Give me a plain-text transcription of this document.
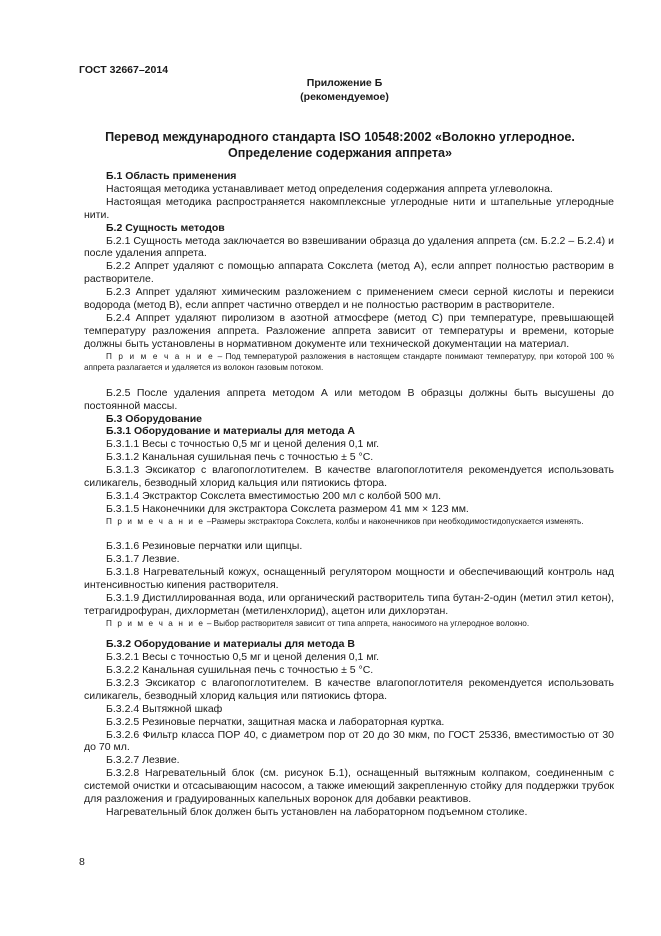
ГОСТ 32667–2014
Приложение Б
(рекомендуемое)
Перевод международного стандарта ISO 10548:2002 «Волокно углеродное. Определение содержания аппрета»

Б.1 Область применения

Настоящая методика устанавливает метод определения содержания аппрета углеволокна.

Настоящая методика распространяется накомплексные углеродные нити и штапельные углеродные нити.

Б.2 Сущность методов

Б.2.1 Сущность метода заключается во взвешивании образца до удаления аппрета (см. Б.2.2 – Б.2.4) и после удаления аппрета.

Б.2.2 Аппрет удаляют с помощью аппарата Сокслета (метод А), если аппрет полностью растворим в растворителе.

Б.2.3 Аппрет удаляют химическим разложением с применением смеси серной кислоты и перекиси водорода (метод В), если аппрет частично отвердел и не полностью растворим в растворителе.

Б.2.4 Аппрет удаляют пиролизом в азотной атмосфере (метод С) при температуре, превышающей температуру разложения аппрета. Разложение аппрета зависит от температуры и времени, которые должны быть установлены в нормативном документе или технической документации на материал.

П р и м е ч а н и е – Под температурой разложения в настоящем стандарте понимают температуру, при которой 100 % аппрета разлагается и удаляется из волокон газовым потоком.

Б.2.5 После удаления аппрета методом А или методом В образцы должны быть высушены до постоянной массы.

Б.3 Оборудование

Б.3.1 Оборудование и материалы для метода А

Б.3.1.1 Весы с точностью 0,5 мг и ценой деления 0,1 мг.

Б.3.1.2 Канальная сушильная печь с точностью ± 5 °С.

Б.3.1.3 Эксикатор с влагопоглотителем. В качестве влагопоглотителя рекомендуется использовать силикагель, безводный хлорид кальция или пятиокись фтора.

Б.3.1.4 Экстрактор Сокслета вместимостью 200 мл с колбой 500 мл.

Б.3.1.5 Наконечники для экстрактора Сокслета размером 41 мм × 123 мм.

П р и м е ч а н и е –Размеры экстрактора Сокслета, колбы и наконечников при необходимостидопускается изменять.

Б.3.1.6 Резиновые перчатки или щипцы.

Б.3.1.7 Лезвие.

Б.3.1.8 Нагревательный кожух, оснащенный регулятором мощности и обеспечивающий контроль над интенсивностью кипения растворителя.

Б.3.1.9 Дистиллированная вода, или органический растворитель типа бутан-2-один (метил этил кетон), тетрагидрофуран, дихлорметан (метиленхлорид), ацетон или дихлорэтан.

П р и м е ч а н и е – Выбор растворителя зависит от типа аппрета, наносимого на углеродное волокно.

Б.3.2 Оборудование и материалы для метода В

Б.3.2.1 Весы с точностью 0,5 мг и ценой деления 0,1 мг.

Б.3.2.2 Канальная сушильная печь с точностью ± 5 °С.

Б.3.2.3 Эксикатор с влагопоглотителем. В качестве влагопоглотителя рекомендуется использовать силикагель, безводный хлорид кальция или пятиокись фтора.

Б.3.2.4 Вытяжной шкаф

Б.3.2.5 Резиновые перчатки, защитная маска и лабораторная куртка.

Б.3.2.6 Фильтр класса ПОР 40, с диаметром пор от 20 до 30 мкм, по ГОСТ 25336, вместимостью от 30 до 70 мл.

Б.3.2.7 Лезвие.

Б.3.2.8 Нагревательный блок (см. рисунок Б.1), оснащенный вытяжным колпаком, соединенным с системой очистки и отсасывающим насосом, а также имеющий закрепленную стойку для поддержки трубок для разложения и градуированных капельных воронок для добавки реактивов.

Нагревательный блок должен быть установлен на лабораторном подъемном столике.

8
